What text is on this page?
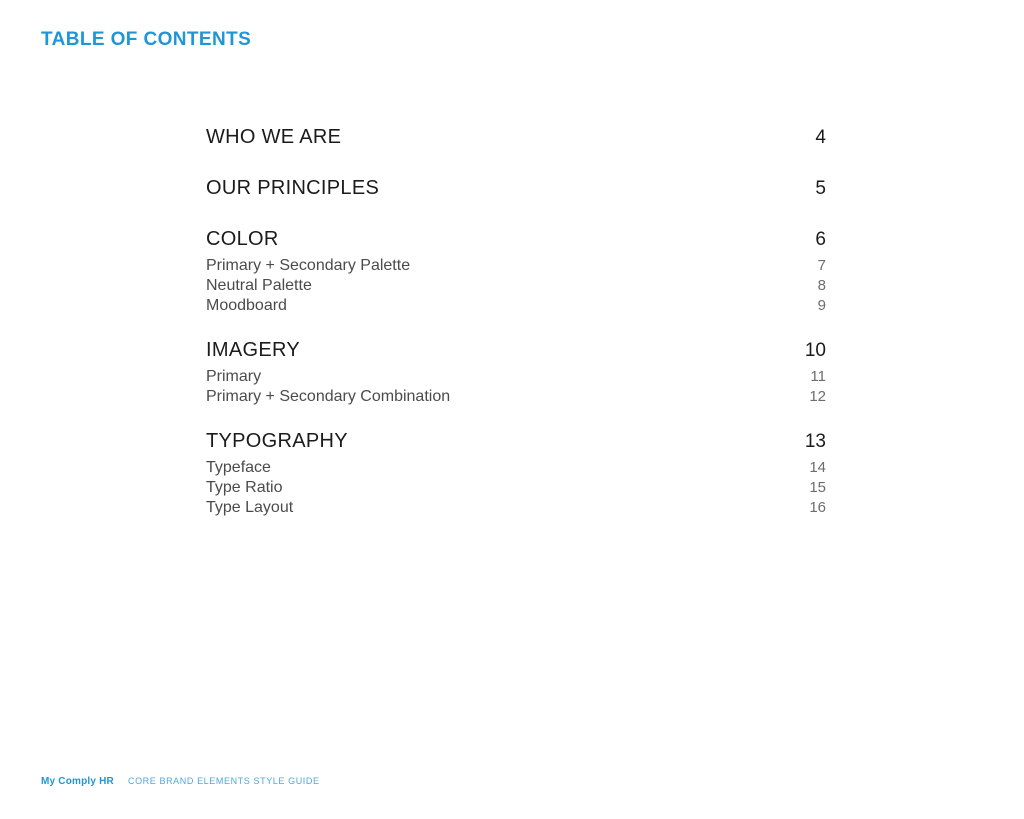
TABLE OF CONTENTS
WHO WE ARE	4
OUR PRINCIPLES	5
COLOR	6
Primary + Secondary Palette	7
Neutral Palette	8
Moodboard	9
IMAGERY	10
Primary	11
Primary + Secondary Combination	12
TYPOGRAPHY	13
Typeface	14
Type Ratio	15
Type Layout	16
My Comply HR CORE BRAND ELEMENTS STYLE GUIDE
